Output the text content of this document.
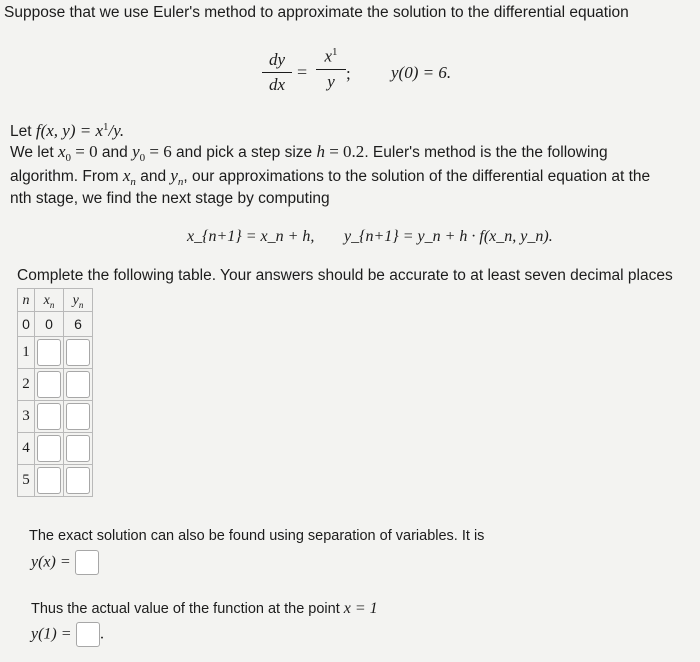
Suppose that we use Euler's method to approximate the solution to the differential equation
dy
dx
=
$x^1$
y ; y(0) = 6.
Let f(x, $y) = x^1/y$.
We let $x_0 = 0$ and $y_0 = 6$ and pick a step size h = 0.2. Euler's method is the the following
algorithm. From $x_n$ and $y_n$, our approximations to the solution of the differential equation at the
nth stage, we find the next stage by computing
x_{n+1} = x_n + h, y_{n+1} = y_n + h · f(x_n, y_n).
Complete the following table. Your answers should be accurate to at least seven decimal places
n	$x_n$	$y_n$
0	0	6
1	

2	

3	

4	

5	

The exact solution can also be found using separation of variables. It is
y(x) =
Thus the actual value of the function at the point x = 1
y(1) = .
